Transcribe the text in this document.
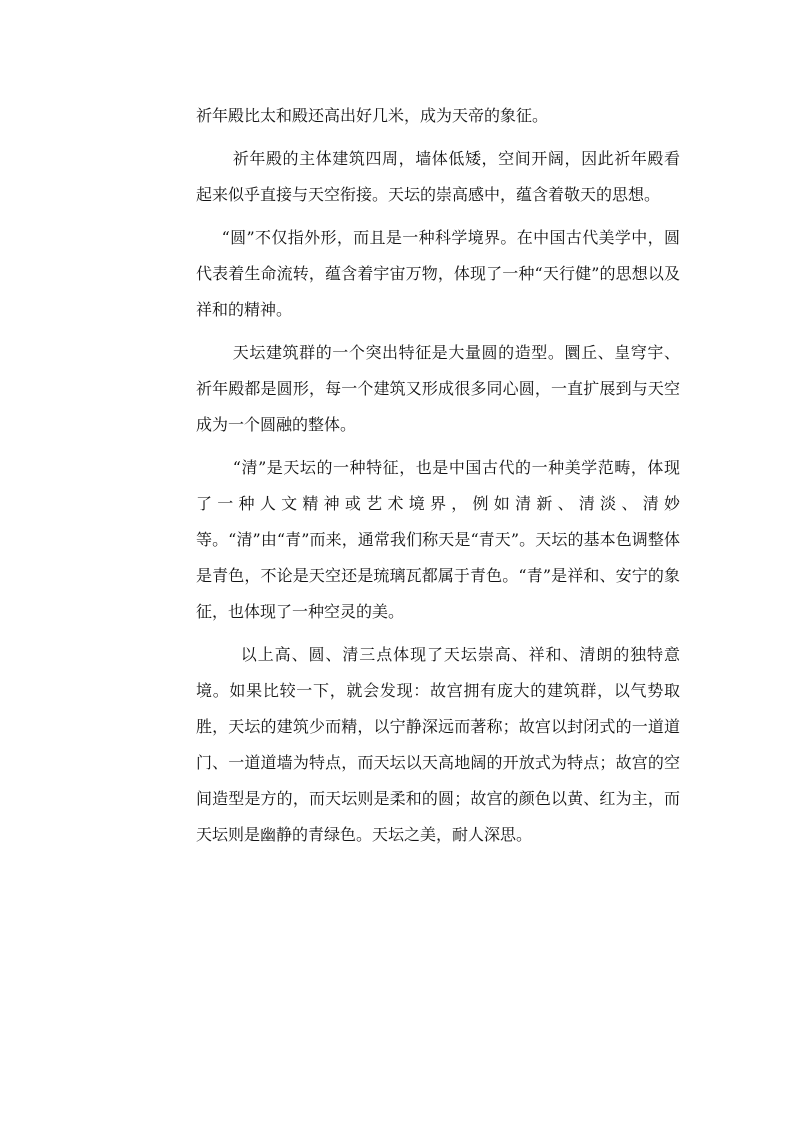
祈年殿比太和殿还高出好几米，成为天帝的象征。

祈年殿的主体建筑四周，墙体低矮，空间开阔，因此祈年殿看起来似乎直接与天空衔接。天坛的崇高感中，蕴含着敬天的思想。

“圆”不仅指外形，而且是一种科学境界。在中国古代美学中，圆代表着生命流转，蕴含着宇宙万物，体现了一种“天行健”的思想以及祥和的精神。

天坛建筑群的一个突出特征是大量圆的造型。圜丘、皇穹宇、祈年殿都是圆形，每一个建筑又形成很多同心圆，一直扩展到与天空成为一个圆融的整体。

“清”是天坛的一种特征，也是中国古代的一种美学范畴，体现了一种人文精神或艺术境界，例如清新、清淡、清妙等。“清”由“青”而来，通常我们称天是“青天”。天坛的基本色调整体是青色，不论是天空还是琉璃瓦都属于青色。“青”是祥和、安宁的象征，也体现了一种空灵的美。

以上高、圆、清三点体现了天坛崇高、祥和、清朗的独特意境。如果比较一下，就会发现：故宫拥有庞大的建筑群，以气势取胜，天坛的建筑少而精，以宁静深远而著称；故宫以封闭式的一道道门、一道道墙为特点，而天坛以天高地阔的开放式为特点；故宫的空间造型是方的，而天坛则是柔和的圆；故宫的颜色以黄、红为主，而天坛则是幽静的青绿色。天坛之美，耐人深思。
